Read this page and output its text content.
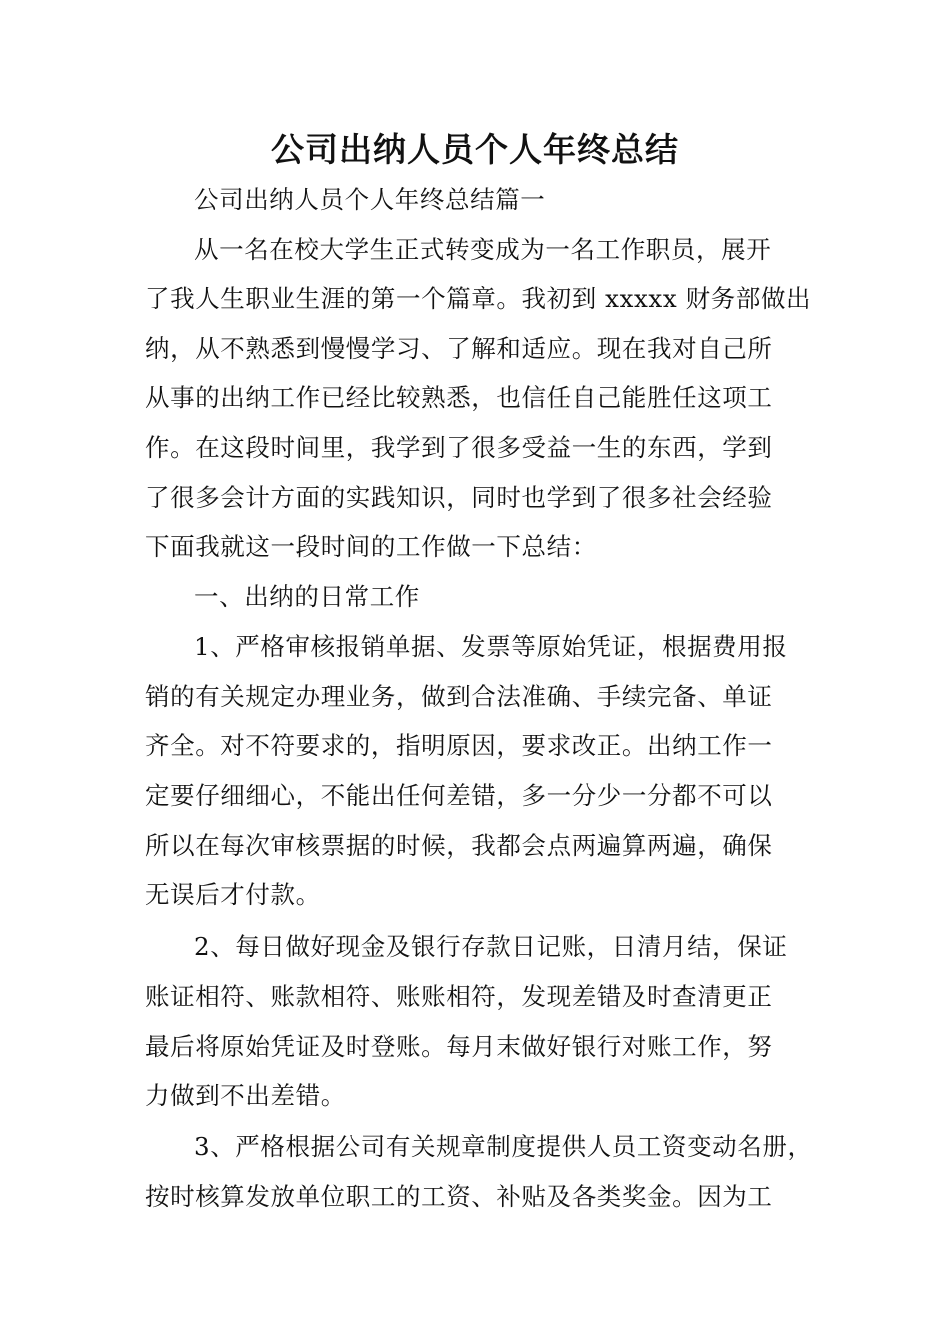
公司出纳人员个人年终总结
公司出纳人员个人年终总结篇一
从一名在校大学生正式转变成为一名工作职员，展开
了我人生职业生涯的第一个篇章。我初到 xxxxx 财务部做出
纳，从不熟悉到慢慢学习、了解和适应。现在我对自己所
从事的出纳工作已经比较熟悉，也信任自己能胜任这项工
作。在这段时间里，我学到了很多受益一生的东西，学到
了很多会计方面的实践知识，同时也学到了很多社会经验
下面我就这一段时间的工作做一下总结：
一、出纳的日常工作
1、严格审核报销单据、发票等原始凭证，根据费用报
销的有关规定办理业务，做到合法准确、手续完备、单证
齐全。对不符要求的，指明原因，要求改正。出纳工作一
定要仔细细心，不能出任何差错，多一分少一分都不可以
所以在每次审核票据的时候，我都会点两遍算两遍，确保
无误后才付款。
2、每日做好现金及银行存款日记账，日清月结，保证
账证相符、账款相符、账账相符，发现差错及时查清更正
最后将原始凭证及时登账。每月末做好银行对账工作，努
力做到不出差错。
3、严格根据公司有关规章制度提供人员工资变动名册，
按时核算发放单位职工的工资、补贴及各类奖金。因为工
